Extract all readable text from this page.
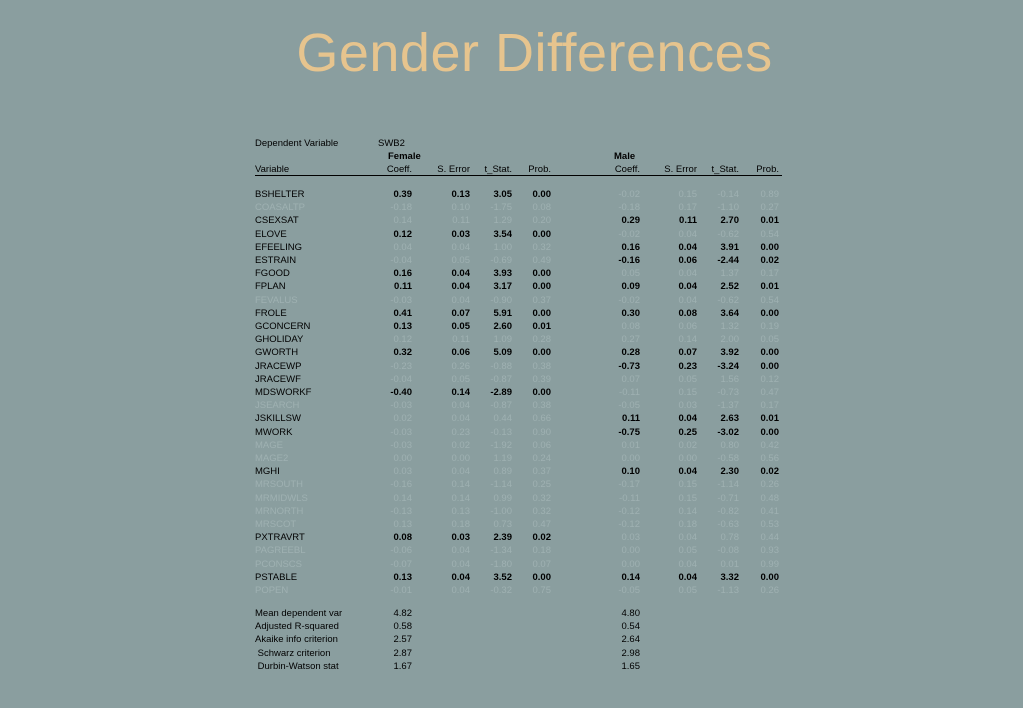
Gender Differences
Dependent Variable	SWB2
Female	Male
Variable	Coeff.	S. Error t_Stat. Prob.	Coeff.	S. Error t_Stat. Prob.
BSHELTER	0.39	0.13 3.05 0.00	-0.02	0.15 -0.14 0.89
COASALTP	-0.18	0.10 -1.75 0.08	-0.18	0.17 -1.10 0.27
CSEXSAT	0.14	0.11 1.29 0.20	0.29	0.11 2.70 0.01
ELOVE	0.12	0.03 3.54 0.00	-0.02	0.04 -0.62 0.54
EFEELING	0.04	0.04 1.00 0.32	0.16	0.04 3.91 0.00
ESTRAIN	-0.04	0.05 -0.69 0.49	-0.16	0.06 -2.44 0.02
FGOOD	0.16	0.04 3.93 0.00	0.05	0.04 1.37 0.17
FPLAN	0.11	0.04 3.17 0.00	0.09	0.04 2.52 0.01
FEVALUS	-0.03	0.04 -0.90 0.37	-0.02	0.04 -0.62 0.54
FROLE	0.41	0.07 5.91 0.00	0.30	0.08 3.64 0.00
GCONCERN	0.13	0.05 2.60 0.01	0.08	0.06 1.32 0.19
GHOLIDAY	0.12	0.11 1.09 0.28	0.27	0.14 2.00 0.05
GWORTH	0.32	0.06 5.09 0.00	0.28	0.07 3.92 0.00
JRACEWP	-0.23	0.26 -0.88 0.38	-0.73	0.23 -3.24 0.00
JRACEWF	-0.04	0.05 -0.87 0.39	0.07	0.05 1.56 0.12
MDSWORKF	-0.40	0.14 -2.89 0.00	-0.11	0.15 -0.73 0.47
JSEARCH	-0.03	0.04 -0.87 0.38	-0.05	0.03 -1.37 0.17
JSKILLSW	0.02	0.04 0.44 0.66	0.11	0.04 2.63 0.01
MWORK	-0.03	0.23 -0.13 0.90	-0.75	0.25 -3.02 0.00
MAGE	-0.03	0.02 -1.92 0.06	0.01	0.02 0.80 0.42
MAGE2	0.00	0.00 1.19 0.24	0.00	0.00 -0.58 0.56
MGHI	0.03	0.04 0.89 0.37	0.10	0.04 2.30 0.02
MRSOUTH	-0.16	0.14 -1.14 0.25	-0.17	0.15 -1.14 0.26
MRMIDWLS	0.14	0.14 0.99 0.32	-0.11	0.15 -0.71 0.48
MRNORTH	-0.13	0.13 -1.00 0.32	-0.12	0.14 -0.82 0.41
MRSCOT	0.13	0.18 0.73 0.47	-0.12	0.18 -0.63 0.53
PXTRAVRT	0.08	0.03 2.39 0.02	0.03	0.04 0.78 0.44
PAGREEBL	-0.06	0.04 -1.34 0.18	0.00	0.05 -0.08 0.93
PCONSCS	-0.07	0.04 -1.80 0.07	0.00	0.04 0.01 0.99
PSTABLE	0.13	0.04 3.52 0.00	0.14	0.04 3.32 0.00
POPEN	-0.01	0.04 -0.32 0.75	-0.05	0.05 -1.13 0.26
Mean dependent var	4.82	4.80
Adjusted R-squared	0.58	0.54
Akaike info criterion	2.57	2.64
Schwarz criterion	2.87	2.98
Durbin-Watson stat	1.67	1.65
